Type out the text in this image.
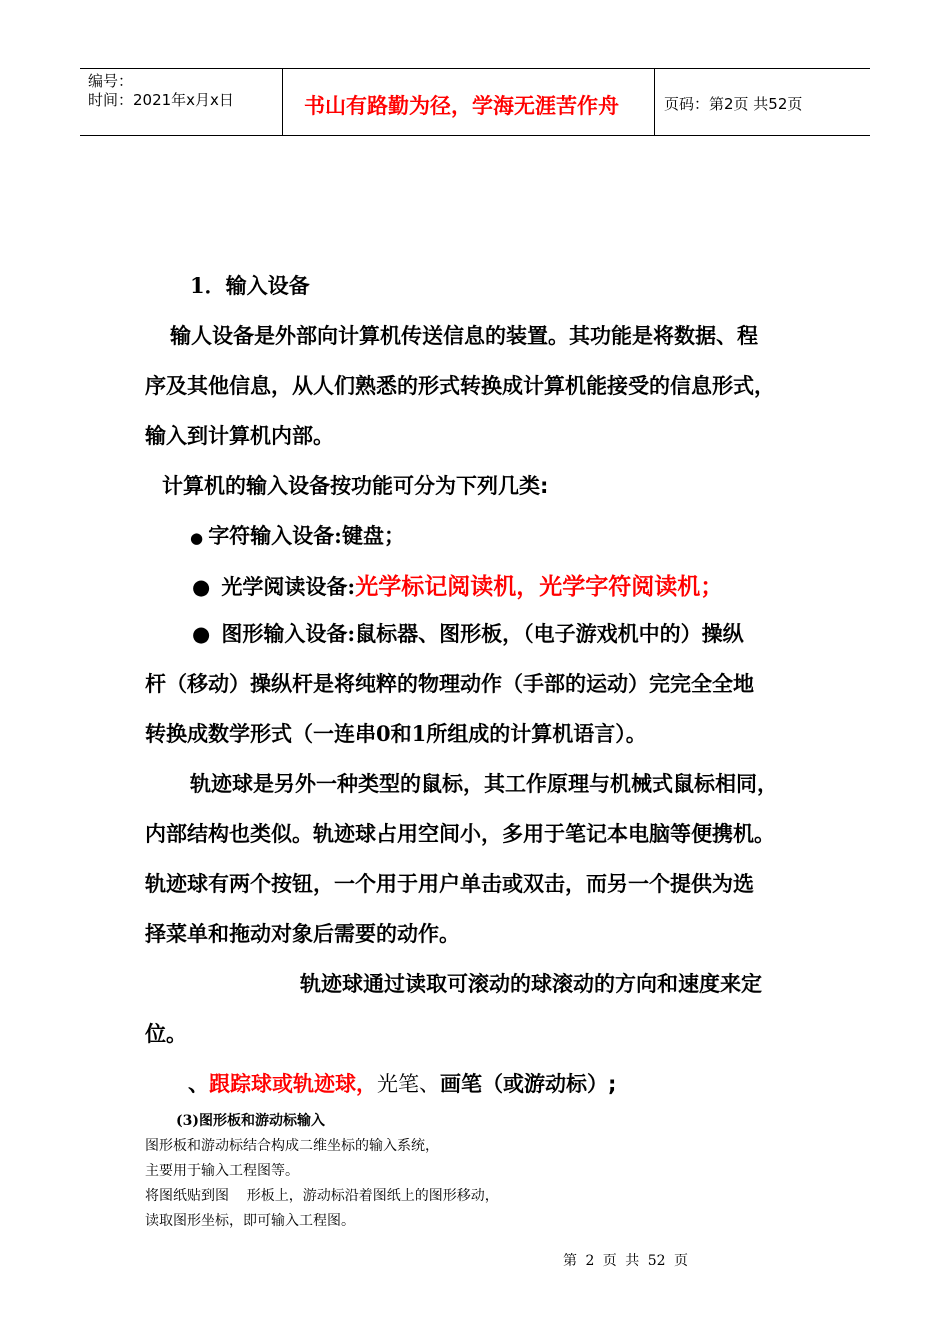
编号：
时间：2021年x月x日	书山有路勤为径，学海无涯苦作舟	页码：第2页 共52页
1．输入设备
输人设备是外部向计算机传送信息的装置。其功能是将数据、程
序及其他信息，从人们熟悉的形式转换成计算机能接受的信息形式，
输入到计算机内部。
计算机的输入设备按功能可分为下列几类:
● 字符输入设备:键盘；
● 光学阅读设备:光学标记阅读机，光学字符阅读机；
● 图形输入设备:鼠标器、图形板，（电子游戏机中的）操纵
杆（移动）操纵杆是将纯粹的物理动作（手部的运动）完完全全地
转换成数学形式（一连串0和1所组成的计算机语言）。
轨迹球是另外一种类型的鼠标，其工作原理与机械式鼠标相同，
内部结构也类似。轨迹球占用空间小，多用于笔记本电脑等便携机。
轨迹球有两个按钮，一个用于用户单击或双击，而另一个提供为选
择菜单和拖动对象后需要的动作。
轨迹球通过读取可滚动的球滚动的方向和速度来定
位。
、跟踪球或轨迹球，光笔、画笔（或游动标）;
(3)图形板和游动标输入
图形板和游动标结合构成二维坐标的输入系统，
主要用于输入工程图等。
将图纸贴到图    形板上，游动标沿着图纸上的图形移动，
读取图形坐标，即可输入工程图。
第 2 页 共 52 页
